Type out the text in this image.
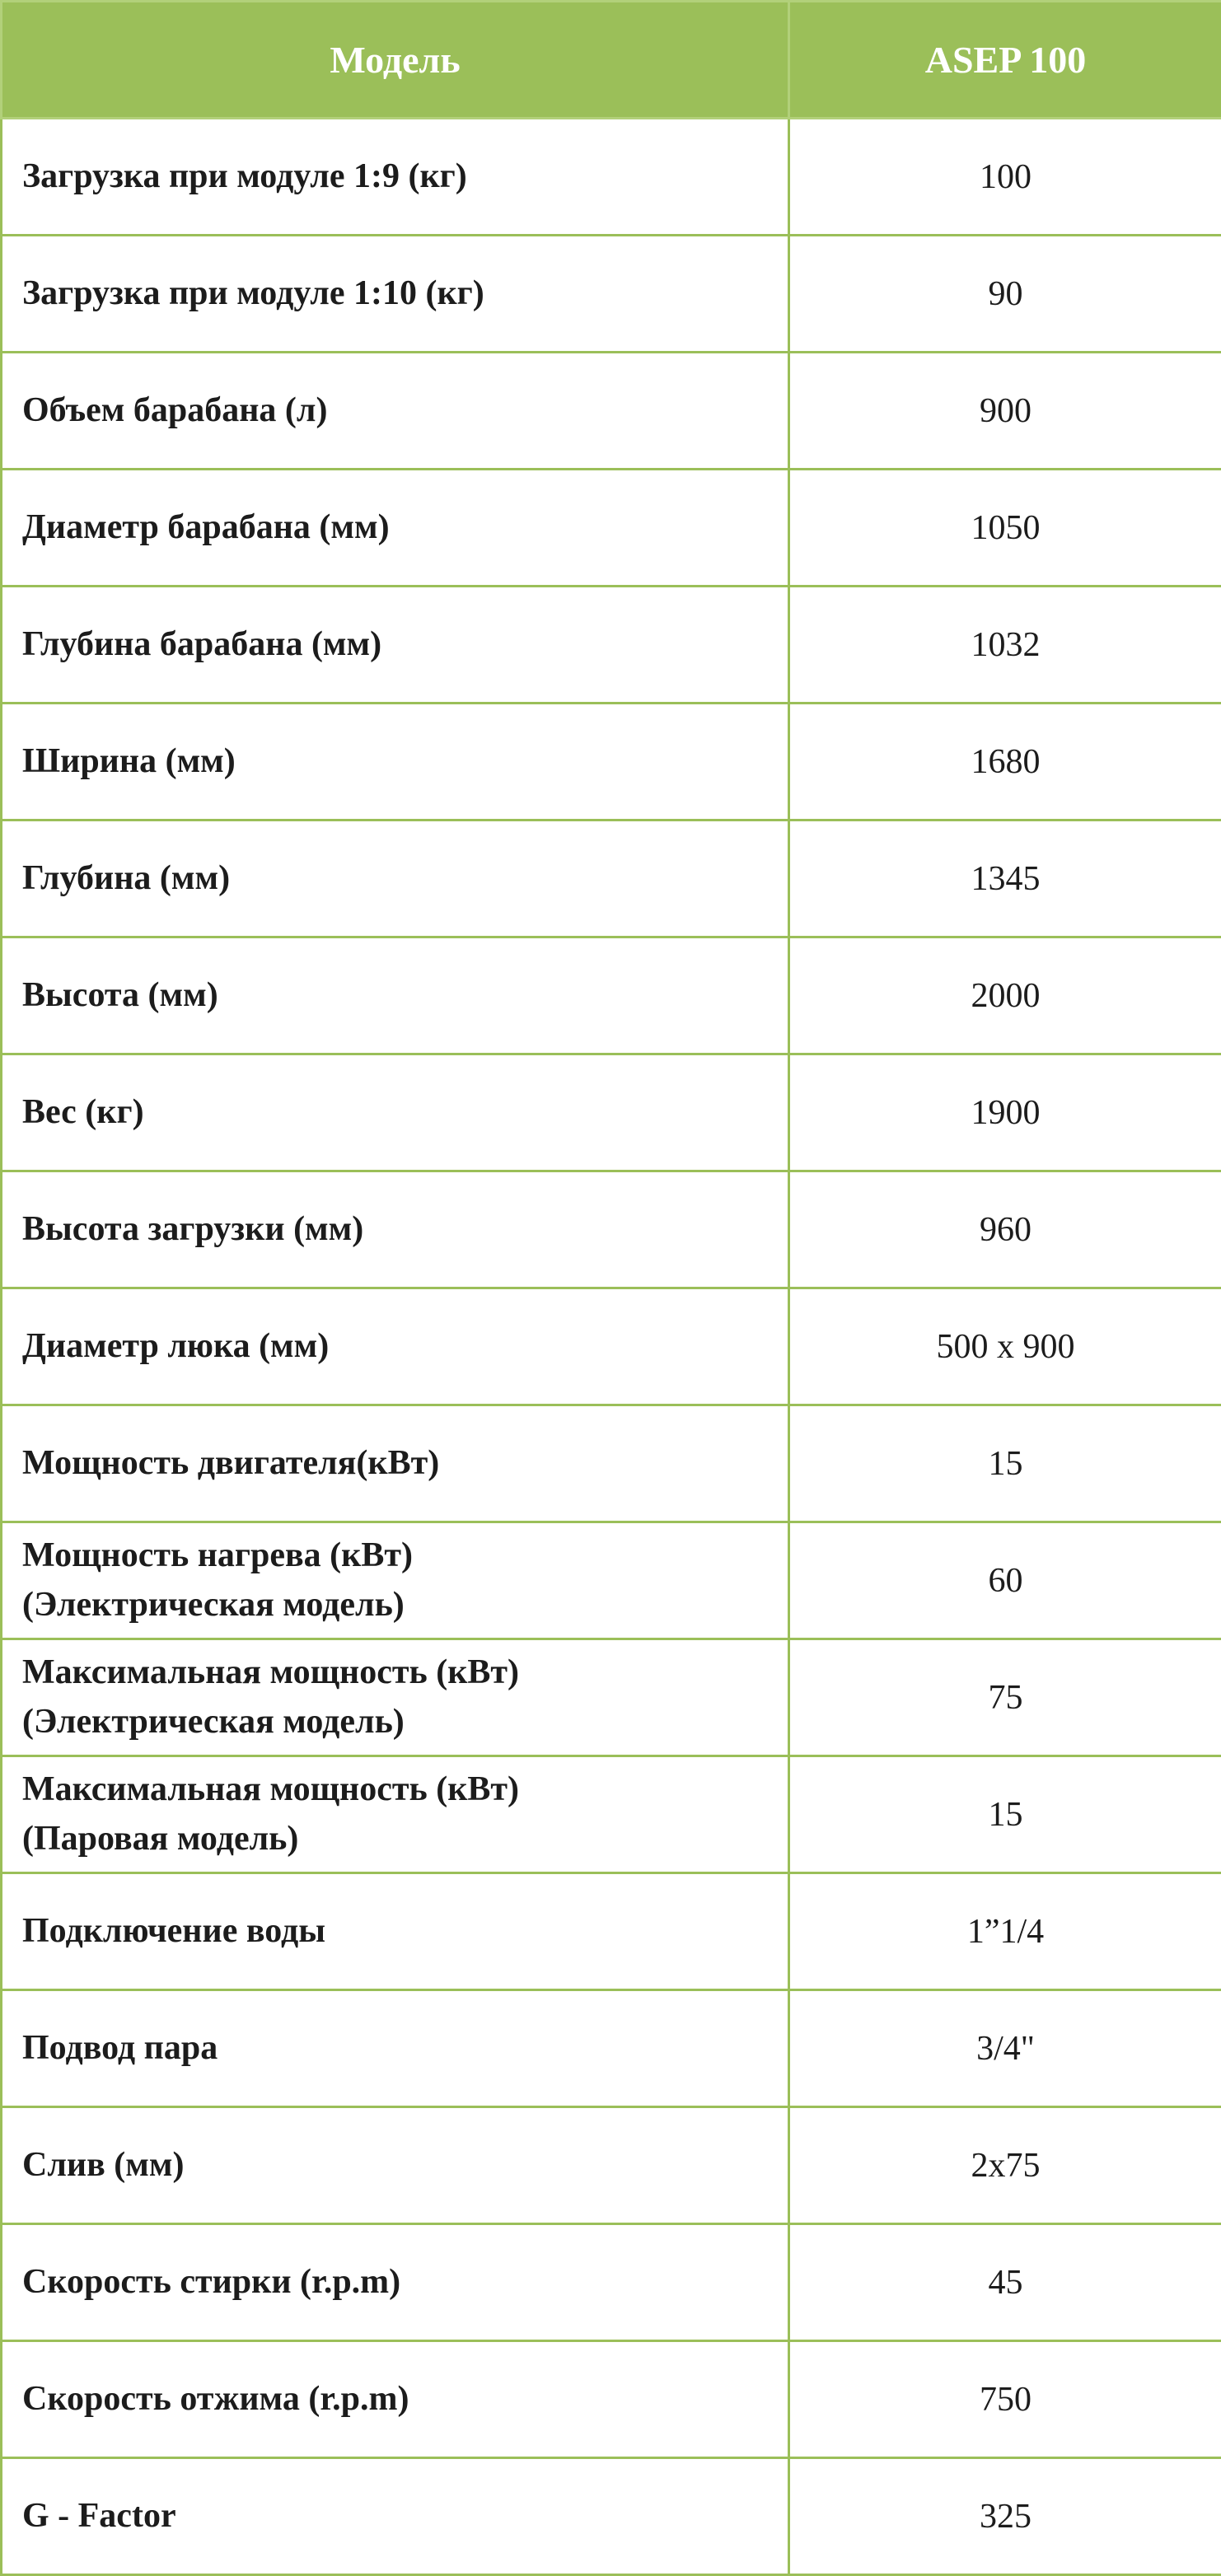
Модель	ASEP 100

Загрузка при модуле 1:9 (кг)	100

Загрузка при модуле 1:10 (кг)	90

Объем барабана (л)	900

Диаметр барабана (мм)	1050

Глубина барабана (мм)	1032

Ширина (мм)	1680

Глубина (мм)	1345

Высота (мм)	2000

Вес (кг)	1900

Высота загрузки (мм)	960

Диаметр люка (мм)	500 x 900

Мощность двигателя(кВт)	15

Мощность нагрева (кВт)
(Электрическая модель)	60

Максимальная мощность (кВт)
(Электрическая модель)	75

Максимальная мощность (кВт)
(Паровая модель)	15

Подключение воды	1”1/4

Подвод пара	3/4"

Слив (мм)	2x75

Скорость стирки (r.p.m)	45

Скорость отжима (r.p.m)	750

G - Factor	325
